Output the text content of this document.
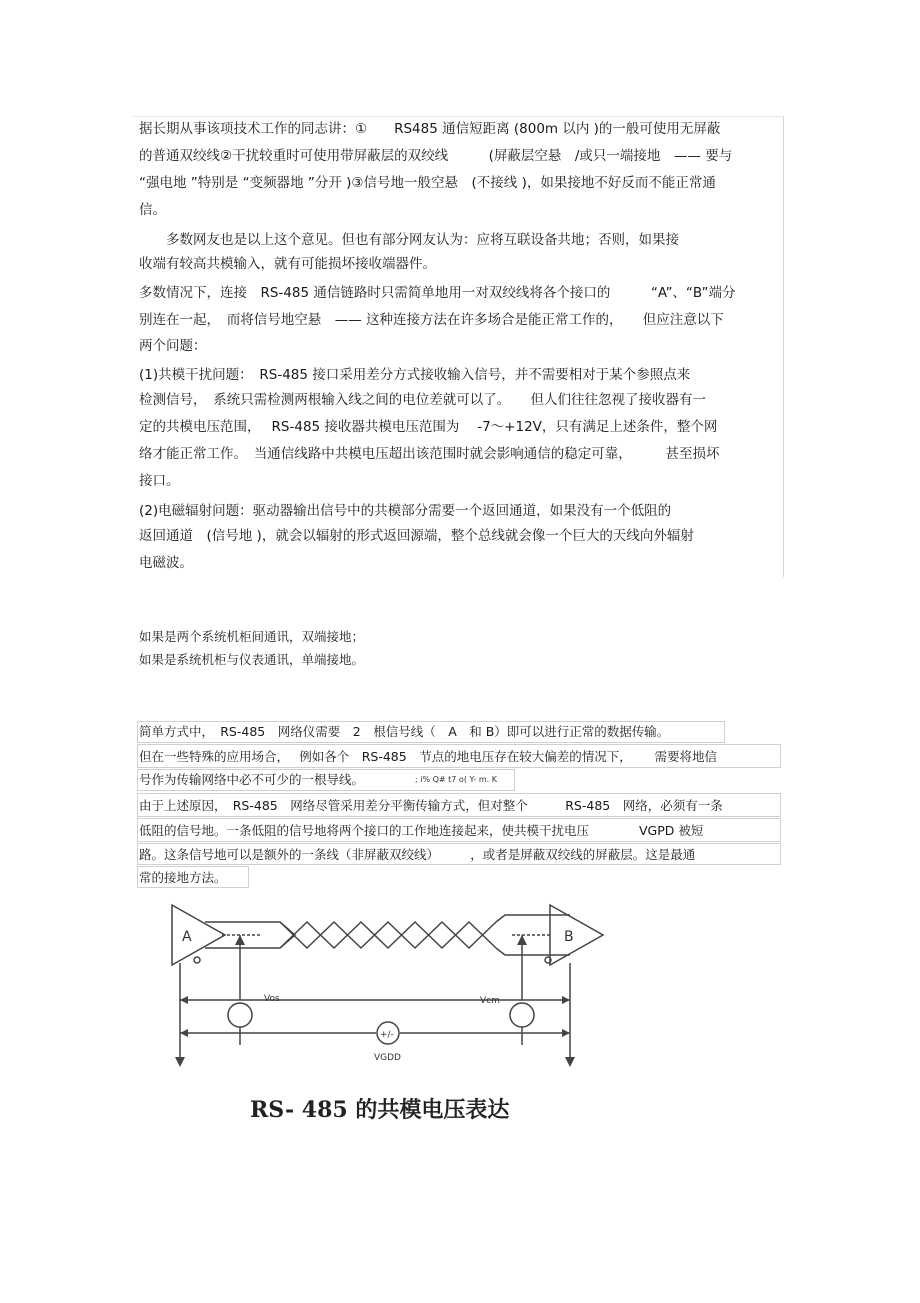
据长期从事该项技术工作的同志讲：①　　RS485 通信短距离 (800m 以内 )的一般可使用无屏蔽
的普通双绞线②干扰较重时可使用带屏蔽层的双绞线　　　(屏蔽层空悬　/或只一端接地　—— 要与
“强电地 ”特别是 “变频器地 ”分开 )③信号地一般空悬　(不接线 )，如果接地不好反而不能正常通
信。
　　多数网友也是以上这个意见。但也有部分网友认为：应将互联设备共地；否则，如果接
收端有较高共模输入，就有可能损坏接收端器件。
多数情况下，连接　RS-485 通信链路时只需简单地用一对双绞线将各个接口的　　　“A”、“B”端分
别连在一起，　而将信号地空悬　—— 这种连接方法在许多场合是能正常工作的，　　但应注意以下
两个问题：
(1)共模干扰问题：　RS-485 接口采用差分方式接收输入信号，并不需要相对于某个参照点来
检测信号，　系统只需检测两根输入线之间的电位差就可以了。　　但人们往往忽视了接收器有一
定的共模电压范围，　 RS-485 接收器共模电压范围为　 -7～+12V，只有满足上述条件，整个网
络才能正常工作。　当通信线路中共模电压超出该范围时就会影响通信的稳定可靠，　　　甚至损坏
接口。
(2)电磁辐射问题：驱动器输出信号中的共模部分需要一个返回通道，如果没有一个低阻的
返回通道　(信号地 )，就会以辐射的形式返回源端，整个总线就会像一个巨大的天线向外辐射
电磁波。
如果是两个系统机柜间通讯，双端接地；
如果是系统机柜与仪表通讯，单端接地。
简单方式中，　RS-485　网络仪需要　2　根信号线（　A　和 B）即可以进行正常的数据传输。
但在一些特殊的应用场合，　 例如各个　RS-485　节点的地电压存在较大偏差的情况下，　　 需要将地信
号作为传输网络中必不可少的一根导线。	; i% Q# t7 o( Y- m. K
由于上述原因，　RS-485　网络尽管采用差分平衡传输方式，但对整个　　　RS-485　网络，必须有一条
低阻的信号地。一条低阻的信号地将两个接口的工作地连接起来，使共模干扰电压　　　　VGPD 被短
路。这条信号地可以是额外的一条线（非屏蔽双绞线）　　　，或者是屏蔽双绞线的屏蔽层。这是最通
常的接地方法。
A	B
Vos	Vcm
+/-
VGDD
RS- 485 的共模电压表达
